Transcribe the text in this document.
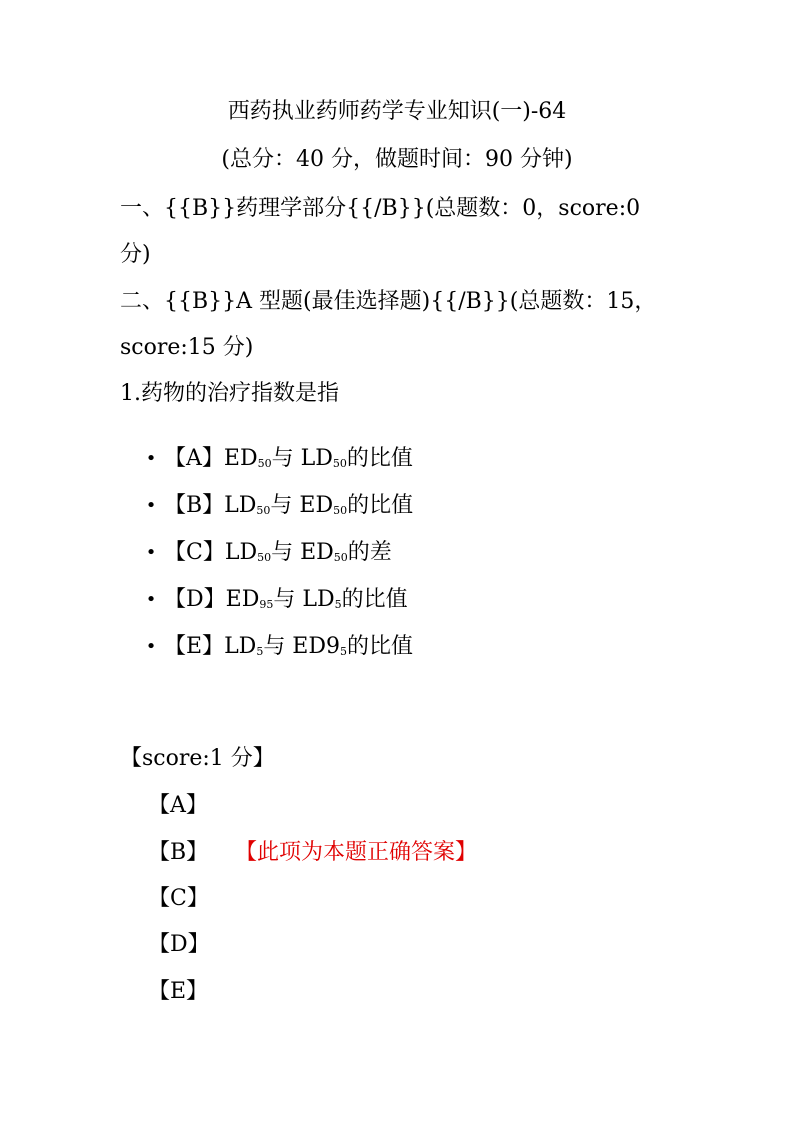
西药执业药师药学专业知识(一)-64
(总分：40 分，做题时间：90 分钟)
一、{{B}}药理学部分{{/B}}(总题数：0，score:0
分)
二、{{B}}A 型题(最佳选择题){{/B}}(总题数：15，
score:15 分)
1.药物的治疗指数是指
• 【A】$ED_{50}$与 $LD_{50}$的比值
• 【B】$LD_{50}$与 $ED_{50}$的比值
• 【C】$LD_{50}$与 $ED_{50}$的差
• 【D】$ED_{95}$与 $LD_5$的比值
• 【E】$LD_5$与 $ED9_5$的比值
【score:1 分】
【A】
【B】 【此项为本题正确答案】
【C】
【D】
【E】
